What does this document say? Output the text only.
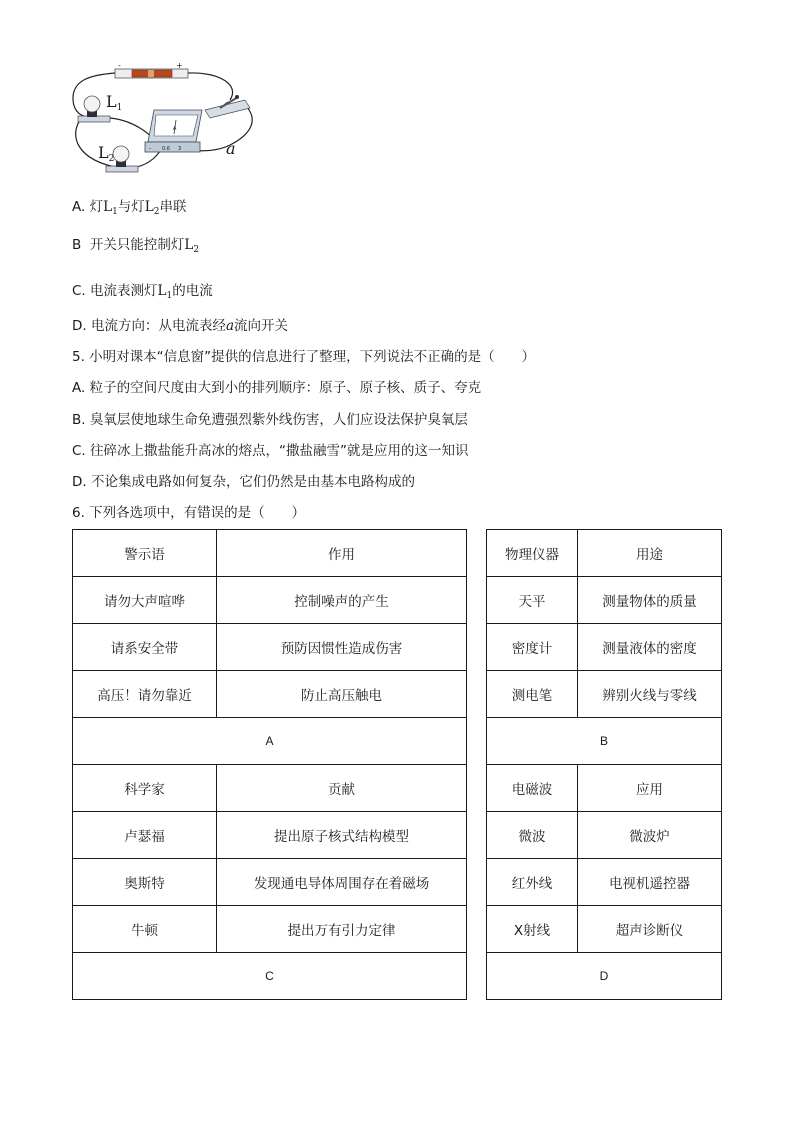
-	+
A
- 0.6 3
$L_1$
$L_2$
a
A. 灯$L_1$与灯$L_2$串联
B 开关只能控制灯$L_2$
C. 电流表测灯$L_1$的电流
D. 电流方向：从电流表经a流向开关
5. 小明对课本“信息窗”提供的信息进行了整理，下列说法不正确的是（　　）
A. 粒子的空间尺度由大到小的排列顺序：原子、原子核、质子、夸克
B. 臭氧层使地球生命免遭强烈紫外线伤害，人们应设法保护臭氧层
C. 往碎冰上撒盐能升高冰的熔点，“撒盐融雪”就是应用的这一知识
D. 不论集成电路如何复杂，它们仍然是由基本电路构成的
6. 下列各选项中，有错误的是（　　）
警示语	作用
请勿大声喧哗	控制噪声的产生
请系安全带	预防因惯性造成伤害
高压！请勿靠近	防止高压触电
A	
科学家	贡献
卢瑟福	提出原子核式结构模型
奥斯特	发现通电导体周围存在着磁场
牛顿	提出万有引力定律
C	
物理仪器	用途
天平	测量物体的质量
密度计	测量液体的密度
测电笔	辨别火线与零线
B	
电磁波	应用
微波	微波炉
红外线	电视机遥控器
X射线	超声诊断仪
D	
